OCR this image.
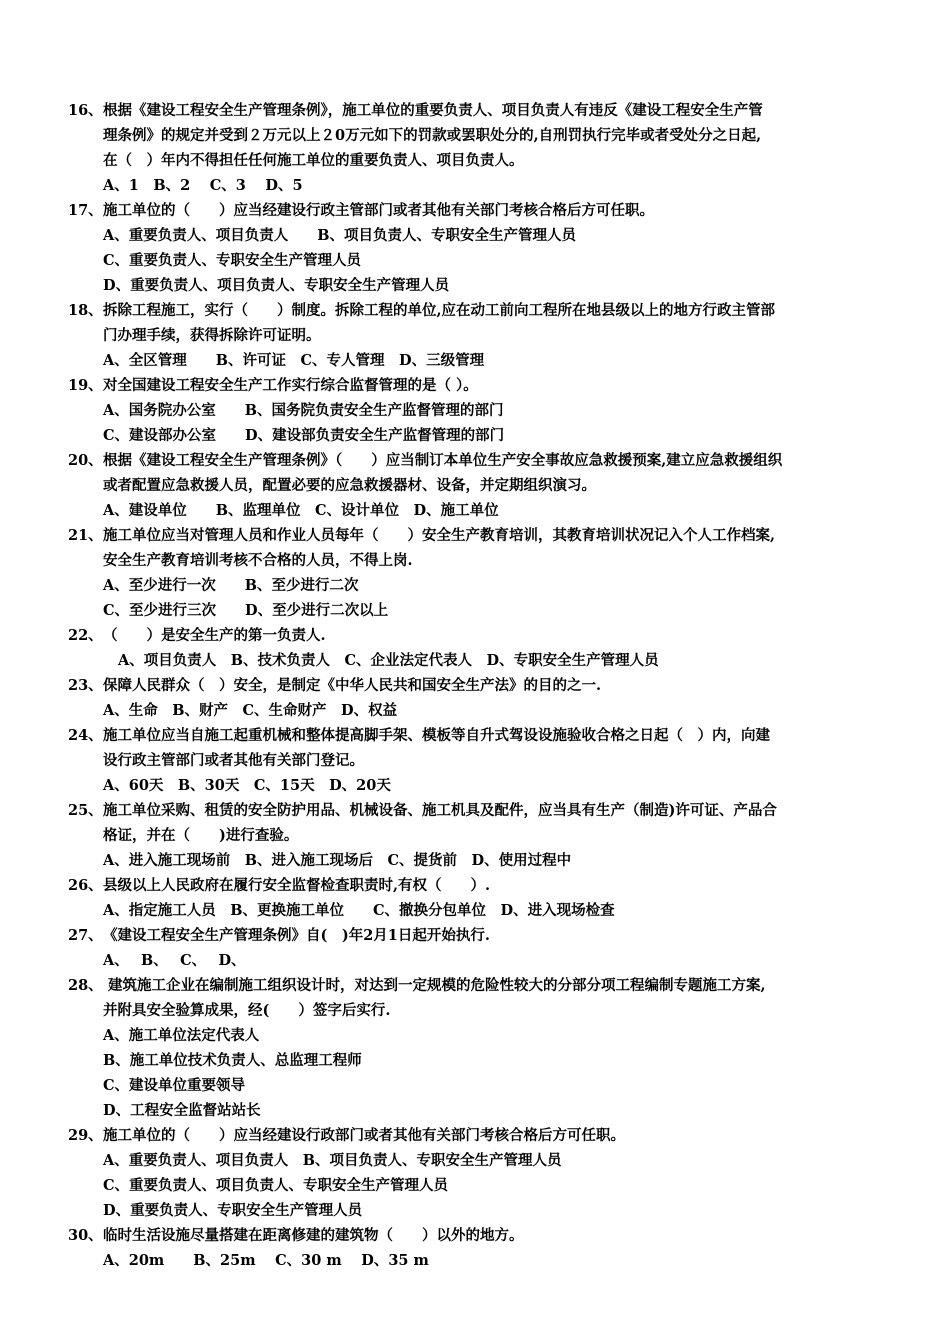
16、根据《建设工程安全生产管理条例》，施工单位的重要负责人、项目负责人有违反《建设工程安全生产管
理条例》的规定并受到２万元以上２0万元如下的罚款或罢职处分的,自刑罚执行完毕或者受处分之日起,
在（　）年内不得担任任何施工单位的重要负责人、项目负责人。
A、1　B、2　 C、3　 D、5
17、施工单位的（　　）应当经建设行政主管部门或者其他有关部门考核合格后方可任职。
A、重要负责人、项目负责人　　B、项目负责人、专职安全生产管理人员
C、重要负责人、专职安全生产管理人员
D、重要负责人、项目负责人、专职安全生产管理人员
18、拆除工程施工，实行（　　）制度。拆除工程的单位,应在动工前向工程所在地县级以上的地方行政主管部
门办理手续，获得拆除许可证明。
A、全区管理　　B、许可证　C、专人管理　D、三级管理
19、对全国建设工程安全生产工作实行综合监督管理的是（ ）。
A、国务院办公室　　B、国务院负责安全生产监督管理的部门
C、建设部办公室　　D、建设部负责安全生产监督管理的部门
20、根据《建设工程安全生产管理条例》（　　）应当制订本单位生产安全事故应急救援预案,建立应急救援组织
或者配置应急救援人员，配置必要的应急救援器材、设备，并定期组织演习。
A、建设单位　　B、监理单位　C、设计单位　D、施工单位
21、施工单位应当对管理人员和作业人员每年（　　）安全生产教育培训，其教育培训状况记入个人工作档案,
安全生产教育培训考核不合格的人员，不得上岗.
A、至少进行一次　　B、至少进行二次
C、至少进行三次　　D、至少进行二次以上
22、（　　）是安全生产的第一负责人.
A、项目负责人　B、技术负责人　C、企业法定代表人　D、专职安全生产管理人员
23、保障人民群众（　）安全，是制定《中华人民共和国安全生产法》的目的之一.
A、生命　B、财产　C、生命财产　D、权益
24、施工单位应当自施工起重机械和整体提高脚手架、模板等自升式驾设设施验收合格之日起（　）内，向建
设行政主管部门或者其他有关部门登记。
A、60天　B、30天　C、15天　D、20天
25、施工单位采购、租赁的安全防护用品、机械设备、施工机具及配件，应当具有生产（制造)许可证、产品合
格证，并在（　　)进行查验。
A、进入施工现场前　B、进入施工现场后　C、提货前　D、使用过程中
26、县级以上人民政府在履行安全监督检查职责时,有权（　　）.
A、指定施工人员　B、更换施工单位　　C、撤换分包单位　D、进入现场检查
27、《建设工程安全生产管理条例》自(　)年2月1日起开始执行.
A、　 B、　 C、　 D、
28、 建筑施工企业在编制施工组织设计时，对达到一定规模的危险性较大的分部分项工程编制专题施工方案,
并附具安全验算成果，经(　　）签字后实行.
A、施工单位法定代表人
B、施工单位技术负责人、总监理工程师
C、建设单位重要领导
D、工程安全监督站站长
29、施工单位的（　　）应当经建设行政部门或者其他有关部门考核合格后方可任职。
A、重要负责人、项目负责人　B、项目负责人、专职安全生产管理人员
C、重要负责人、项目负责人、专职安全生产管理人员
D、重要负责人、专职安全生产管理人员
30、临时生活设施尽量搭建在距离修建的建筑物（　　）以外的地方。
A、20m　　B、25m　 C、30 m　 D、35 m
